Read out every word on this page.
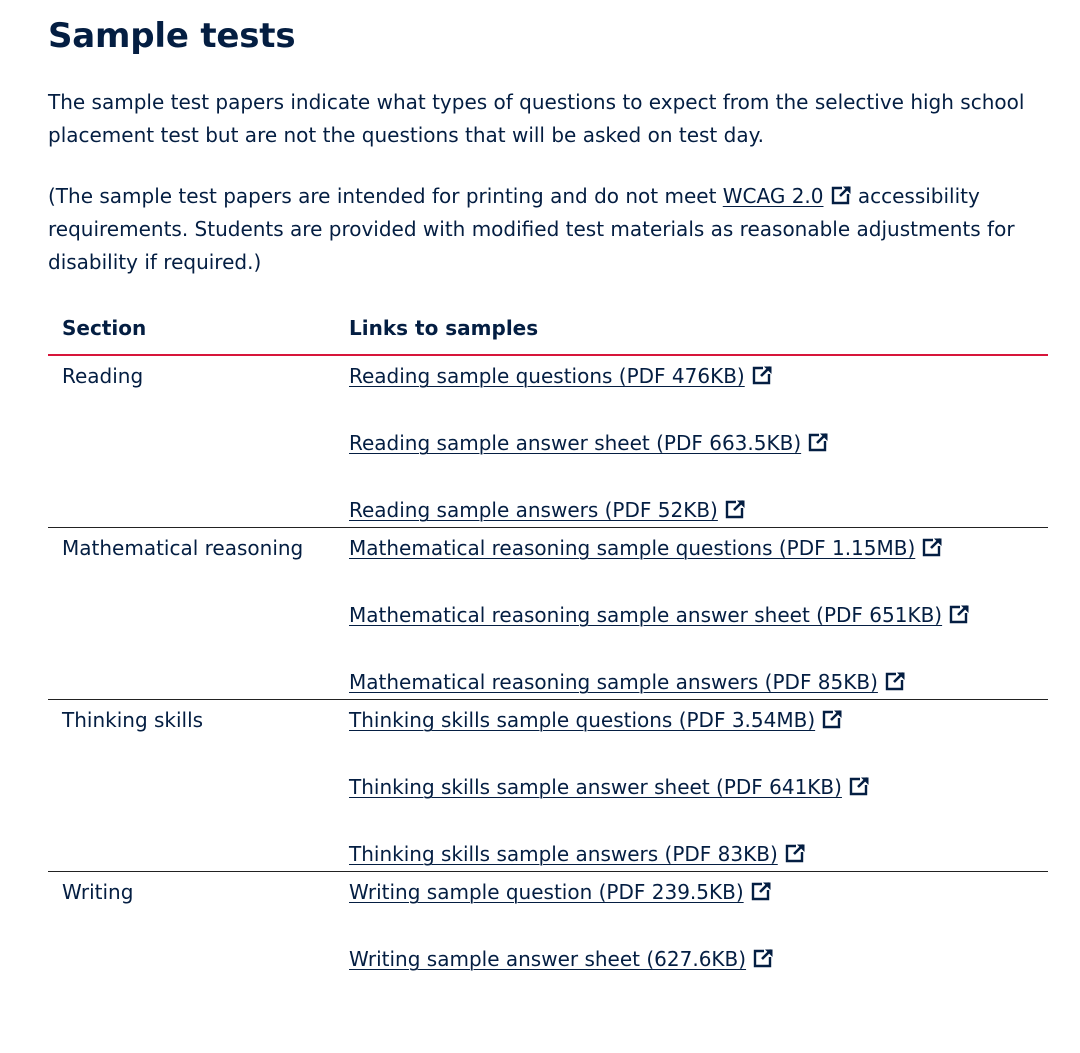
Sample tests

The sample test papers indicate what types of questions to expect from the selective high school placement test but are not the questions that will be asked on test day.

(The sample test papers are intended for printing and do not meet WCAG 2.0
accessibility requirements. Students are provided with modified test materials as reasonable adjustments for disability if required.)

Section	Links to samples
Reading	Reading sample questions (PDF 476KB)
Reading sample answer sheet (PDF 663.5KB)
Reading sample answers (PDF 52KB)

Mathematical reasoning	Mathematical reasoning sample questions (PDF 1.15MB)
Mathematical reasoning sample answer sheet (PDF 651KB)
Mathematical reasoning sample answers (PDF 85KB)

Thinking skills	Thinking skills sample questions (PDF 3.54MB)
Thinking skills sample answer sheet (PDF 641KB)
Thinking skills sample answers (PDF 83KB)

Writing	Writing sample question (PDF 239.5KB)
Writing sample answer sheet (627.6KB)
